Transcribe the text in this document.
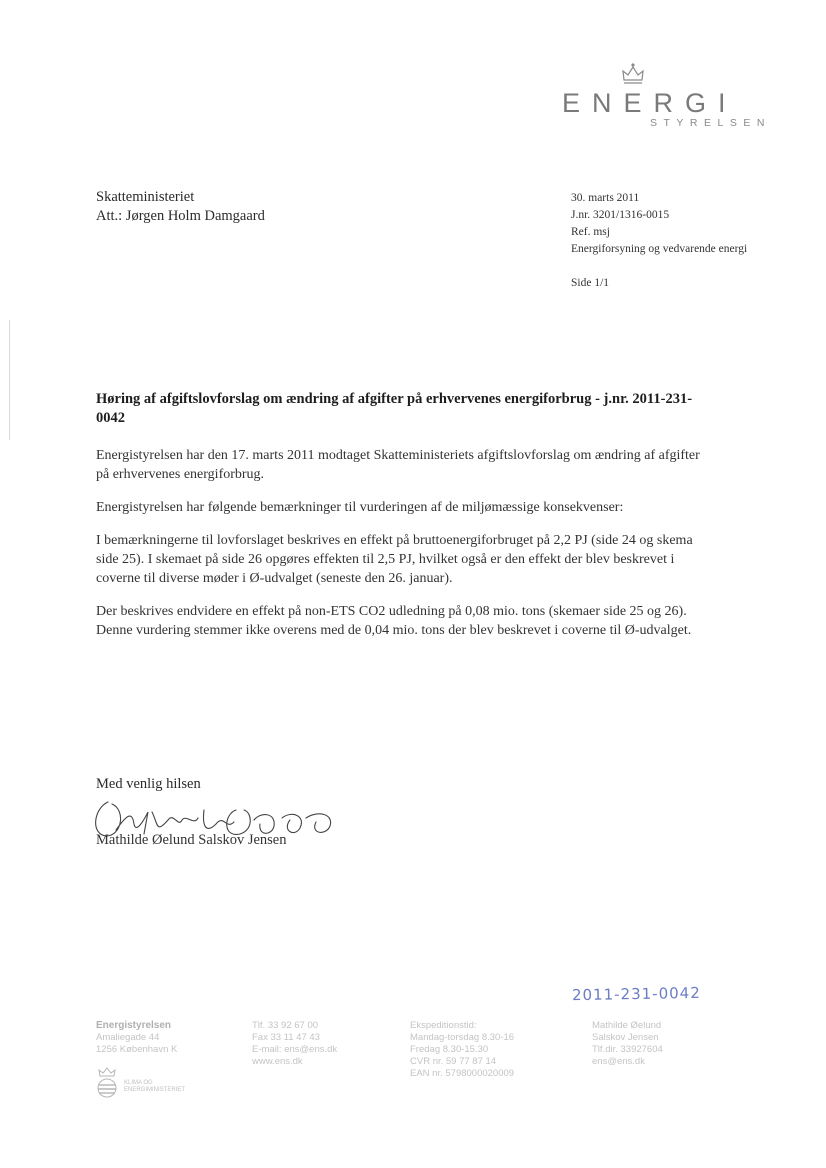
ENERGI
STYRELSEN
Skatteministeriet
Att.: Jørgen Holm Damgaard
30. marts 2011
J.nr. 3201/1316-0015
Ref. msj
Energiforsyning og vedvarende energi
Side 1/1
Høring af afgiftslovforslag om ændring af afgifter på erhvervenes energiforbrug - j.nr. 2011-231-0042

Energistyrelsen har den 17. marts 2011 modtaget Skatteministeriets afgiftslovforslag om ændring af afgifter på erhvervenes energiforbrug.

Energistyrelsen har følgende bemærkninger til vurderingen af de miljømæssige konsekvenser:

I bemærkningerne til lovforslaget beskrives en effekt på bruttoenergiforbruget på 2,2 PJ (side 24 og skema side 25). I skemaet på side 26 opgøres effekten til 2,5 PJ, hvilket også er den effekt der blev beskrevet i coverne til diverse møder i Ø-udvalget (seneste den 26. januar).

Der beskrives endvidere en effekt på non-ETS CO2 udledning på 0,08 mio. tons (skemaer side 25 og 26). Denne vurdering stemmer ikke overens med de 0,04 mio. tons der blev beskrevet i coverne til Ø-udvalget.

Med venlig hilsen
Mathilde Øelund Salskov Jensen
2011-231-0042
Energistyrelsen
Amaliegade 44
1256 København K
Tlf. 33 92 67 00
Fax 33 11 47 43
E-mail: ens@ens.dk
www.ens.dk
Ekspeditionstid:
Mandag-torsdag 8.30-16
Fredag 8.30-15.30
CVR nr. 59 77 87 14
EAN nr. 5798000020009
Mathilde Øelund
Salskov Jensen
Tlf.dir. 33927604
ens@ens.dk
KLIMA OG
ENERGIMINISTERIET
